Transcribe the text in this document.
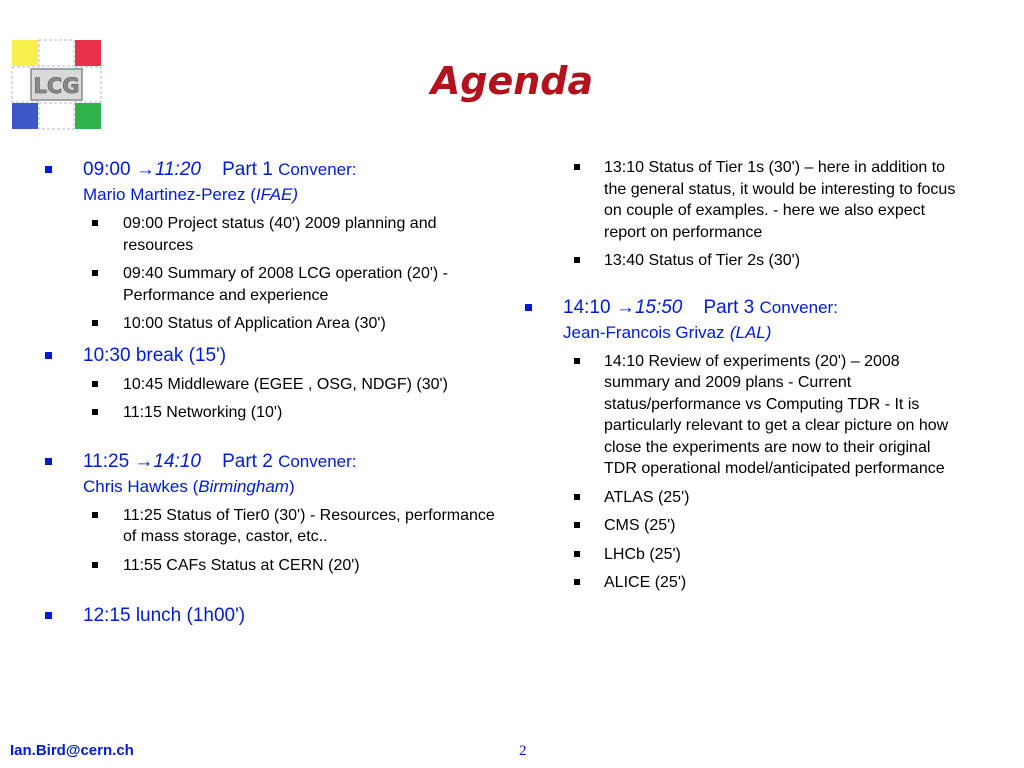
LCG	Agenda
09:00 →11:20 Part 1 Convener:
Mario Martinez-Perez (IFAE)
09:00 Project status (40') 2009 planning and resources
09:40 Summary of 2008 LCG operation (20') - Performance and experience
10:00 Status of Application Area (30')
10:30 break (15')
10:45 Middleware (EGEE , OSG, NDGF) (30')
11:15 Networking (10')
11:25 →14:10 Part 2 Convener:
Chris Hawkes (Birmingham)
11:25 Status of Tier0 (30') - Resources, performance of mass storage, castor, etc..
11:55 CAFs Status at CERN (20')
12:15 lunch (1h00')
13:10 Status of Tier 1s (30') – here in addition to the general status, it would be interesting to focus on couple of examples. - here we also expect report on performance
13:40 Status of Tier 2s (30')
14:10 →15:50 Part 3 Convener:
Jean-Francois Grivaz (LAL)
14:10 Review of experiments (20') – 2008 summary and 2009 plans - Current status/performance vs Computing TDR - It is particularly relevant to get a clear picture on how close the experiments are now to their original TDR operational model/anticipated performance
ATLAS (25')
CMS (25')
LHCb (25')
ALICE (25')
Ian.Bird@cern.ch	2
